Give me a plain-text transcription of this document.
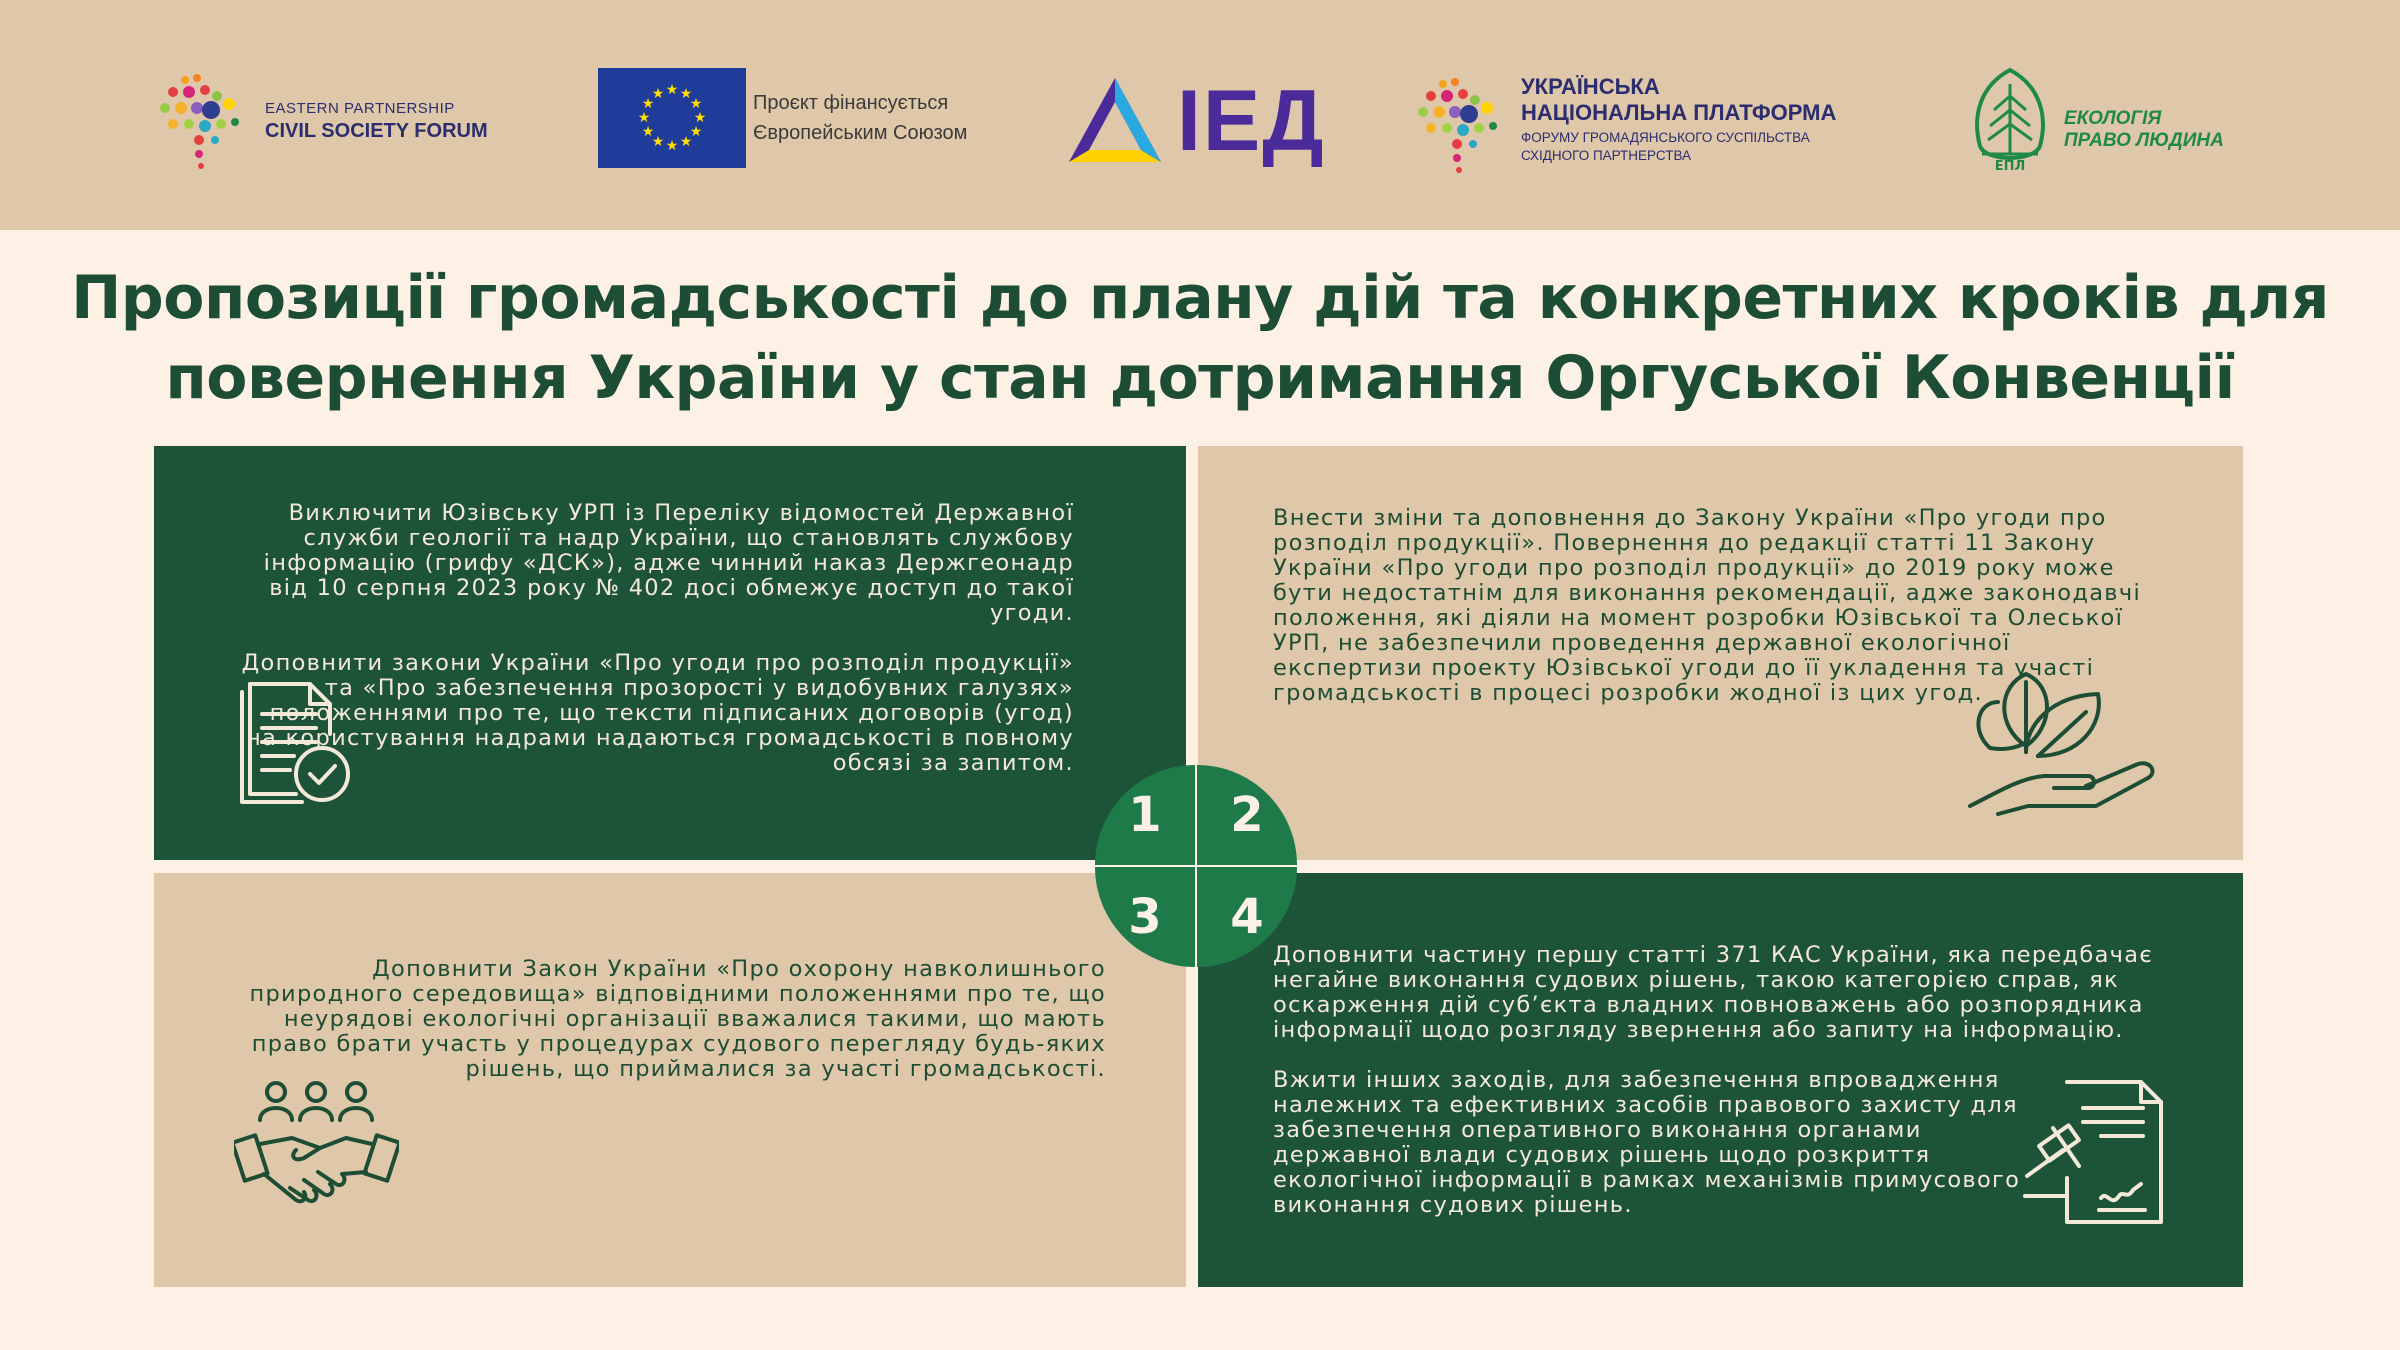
EASTERN PARTNERSHIP
CIVIL SOCIETY FORUM
★ ★
★
★
★
★
★
★
★
★
★
★	Проєкт фінансується
Європейським Союзом ІЕД	УКРАЇНСЬКА
НАЦІОНАЛЬНА ПЛАТФОРМА
ФОРУМУ ГРОМАДЯНСЬКОГО СУСПІЛЬСТВА
СХІДНОГО ПАРТНЕРСТВА
ЕПЛ
ЕКОЛОГІЯ
ПРАВО ЛЮДИНА
Пропозиції громадськості до плану дій та конкретних кроків для
повернення України у стан дотримання Оргуської Конвенції

Виключити Юзівську УРП із Переліку відомостей Державної служби геології та надр України, що становлять службову інформацію (грифу «ДСК»), адже чинний наказ Держгеонадр від 10 серпня 2023 року № 402 досі обмежує доступ до такої угоди.

Доповнити закони України «Про угоди про розподіл продукції» та «Про забезпечення прозорості у видобувних галузях» положеннями про те, що тексти підписаних договорів (угод) на користування надрами надаються громадськості в повному обсязі за запитом.

Внести зміни та доповнення до Закону України «Про угоди про розподіл продукції». Повернення до редакції статті 11 Закону України «Про угоди про розподіл продукції» до 2019 року може бути недостатнім для виконання рекомендації, адже законодавчі положення, які діяли на момент розробки Юзівської та Олеської УРП, не забезпечили проведення державної екологічної експертизи проекту Юзівської угоди до її укладення та участі громадськості в процесі розробки жодної із цих угод.

Доповнити Закон України «Про охорону навколишнього природного середовища» відповідними положеннями про те, що неурядові екологічні організації вважалися такими, що мають право брати участь у процедурах судового перегляду будь-яких рішень, що приймалися за участі громадськості.

Доповнити частину першу статті 371 КАС України, яка передбачає негайне виконання судових рішень, такою категорією справ, як оскарження дій суб’єкта владних повноважень або розпорядника інформації щодо розгляду звернення або запиту на інформацію.

Вжити інших заходів, для забезпечення впровадження належних та ефективних засобів правового захисту для забезпечення оперативного виконання органами державної влади судових рішень щодо розкриття екологічної інформації в рамках механізмів примусового виконання судових рішень.

1	2
3	4
